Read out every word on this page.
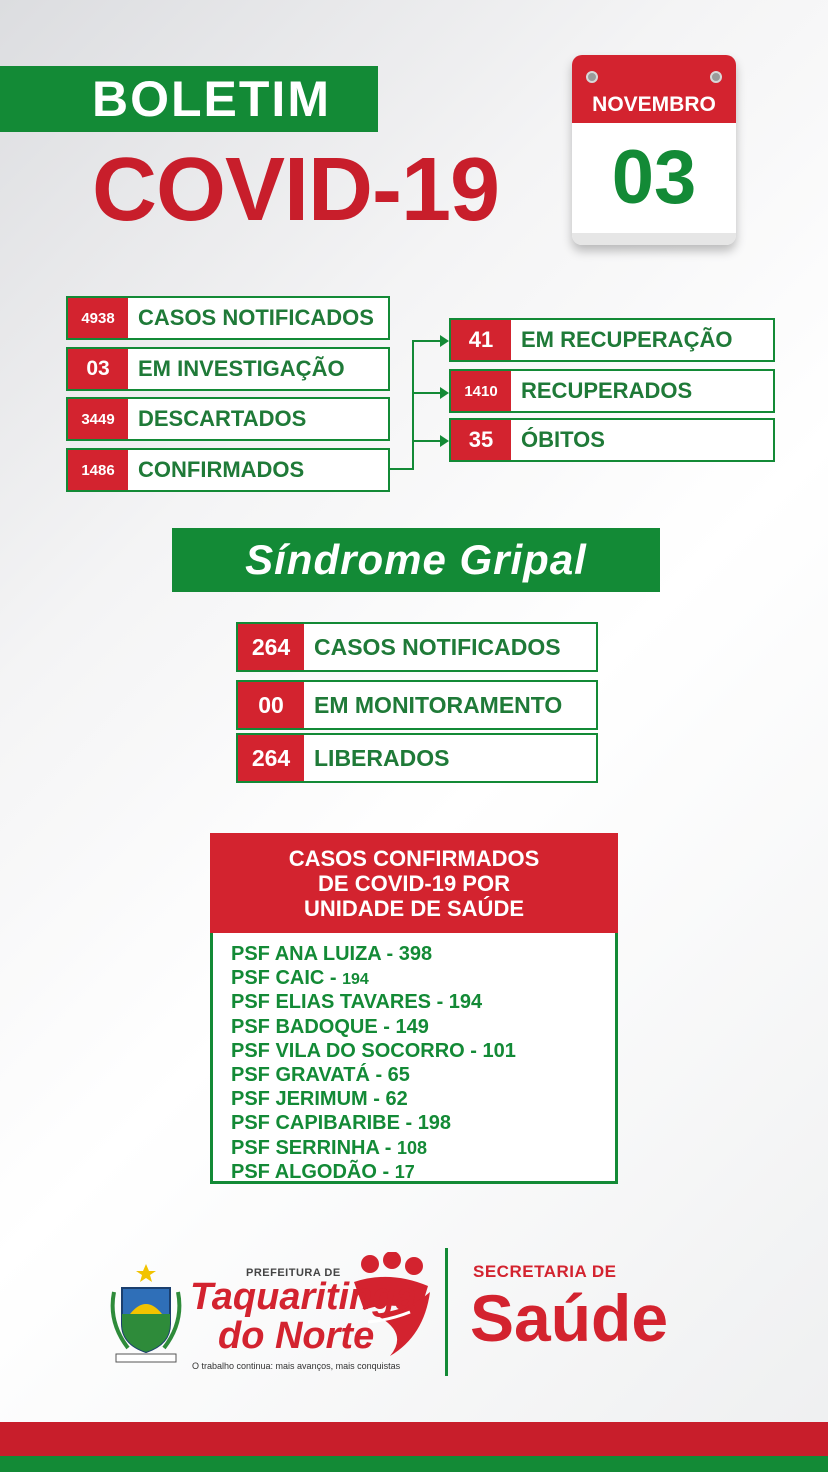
BOLETIM
COVID-19
NOVEMBRO
03
4938	CASOS NOTIFICADOS
03	EM INVESTIGAÇÃO
3449	DESCARTADOS
1486	CONFIRMADOS
41	EM RECUPERAÇÃO
1410	RECUPERADOS
35	ÓBITOS
Síndrome Gripal
264	CASOS NOTIFICADOS
00	EM MONITORAMENTO
264	LIBERADOS
CASOS CONFIRMADOS
DE COVID-19 POR
UNIDADE DE SAÚDE
PSF ANA LUIZA - 398
PSF CAIC - 194
PSF ELIAS TAVARES - 194
PSF BADOQUE - 149
PSF VILA DO SOCORRO - 101
PSF GRAVATÁ - 65
PSF JERIMUM - 62
PSF CAPIBARIBE - 198
PSF SERRINHA - 108
PSF ALGODÃO - 17
PREFEITURA DE
Taquaritinga
do Norte
O trabalho continua: mais avanços, mais conquistas
SECRETARIA DE
Saúde
